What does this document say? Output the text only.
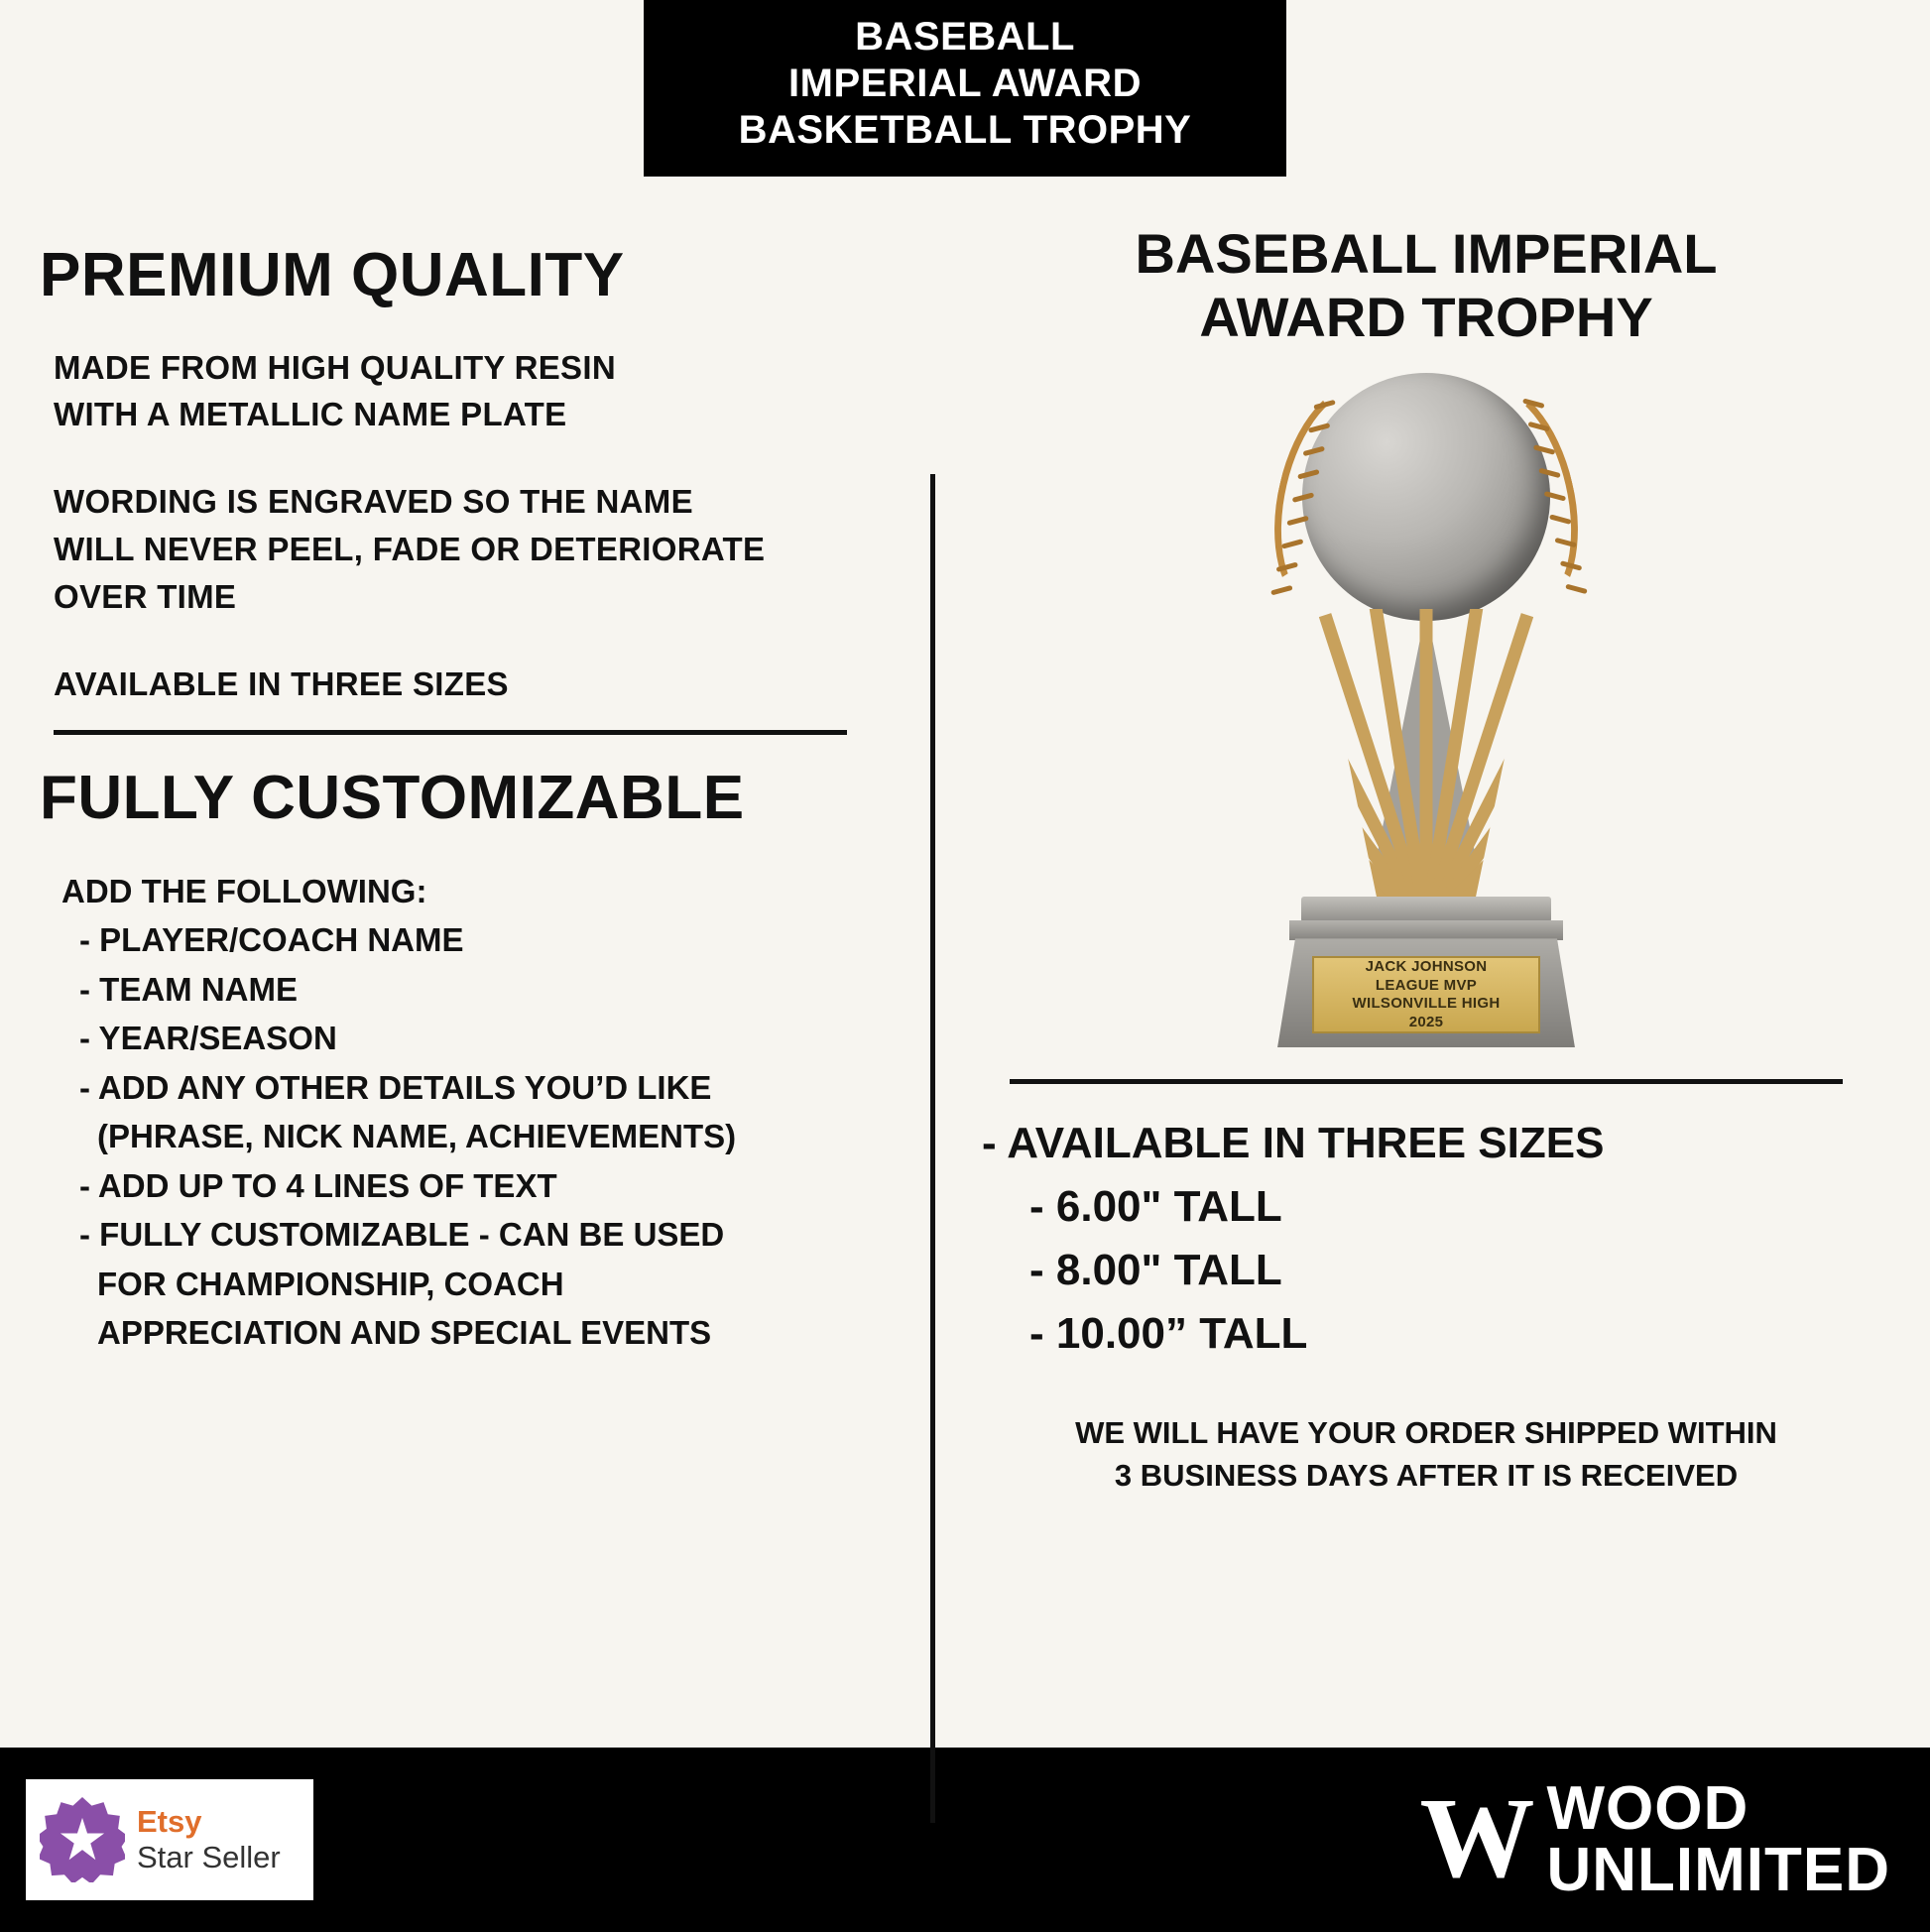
BASEBALL
IMPERIAL AWARD
BASKETBALL TROPHY
PREMIUM QUALITY
MADE FROM HIGH QUALITY RESIN
WITH A METALLIC NAME PLATE
WORDING IS ENGRAVED SO THE NAME
WILL NEVER PEEL, FADE OR DETERIORATE
OVER TIME
AVAILABLE IN THREE SIZES
FULLY CUSTOMIZABLE
ADD THE FOLLOWING:
- PLAYER/COACH NAME
- TEAM NAME
- YEAR/SEASON
- ADD ANY OTHER DETAILS YOU’D LIKE
(PHRASE, NICK NAME, ACHIEVEMENTS)
- ADD UP TO 4 LINES OF TEXT
- FULLY CUSTOMIZABLE - CAN BE USED
FOR CHAMPIONSHIP, COACH
APPRECIATION AND SPECIAL EVENTS
BASEBALL IMPERIAL
AWARD TROPHY
JACK JOHNSON
LEAGUE MVP
WILSONVILLE HIGH
2025
- AVAILABLE IN THREE SIZES
- 6.00" TALL
- 8.00" TALL
- 10.00” TALL
WE WILL HAVE YOUR ORDER SHIPPED WITHIN
3 BUSINESS DAYS AFTER IT IS RECEIVED
Etsy
Star Seller	W WOOD
UNLIMITED
